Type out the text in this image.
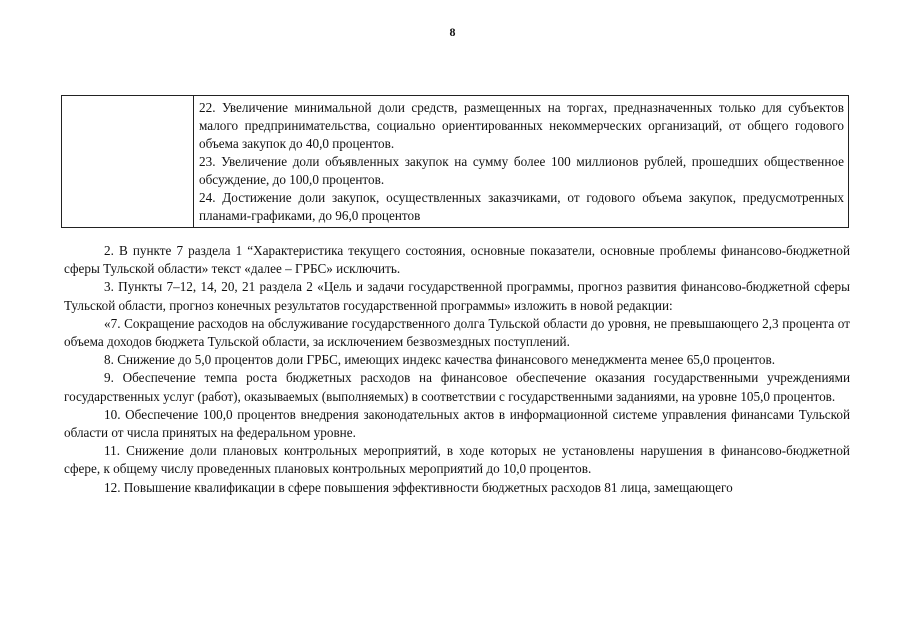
8

22. Увеличение минимальной доли средств, размещенных на торгах, предназначенных только для субъектов малого предпринимательства, социально ориентированных некоммерческих организаций, от общего годового объема закупок до 40,0 процентов.

23. Увеличение доли объявленных закупок на сумму более 100 миллионов рублей, прошедших общественное обсуждение, до 100,0 процентов.

24. Достижение доли закупок, осуществленных заказчиками, от годового объема закупок, предусмотренных планами-графиками, до 96,0 процентов

2. В пункте 7 раздела 1 “Характеристика текущего состояния, основные показатели, основные проблемы финансово-бюджетной сферы Тульской области» текст «далее – ГРБС» исключить.

3. Пункты 7–12, 14, 20, 21 раздела 2 «Цель и задачи государственной программы, прогноз развития финансово-бюджетной сферы Тульской области, прогноз конечных результатов государственной программы» изложить в новой редакции:

«7. Сокращение расходов на обслуживание государственного долга Тульской области до уровня, не превышающего 2,3 процента от объема доходов бюджета Тульской области, за исключением безвозмездных поступлений.

8. Снижение до 5,0 процентов доли ГРБС, имеющих индекс качества финансового менеджмента менее 65,0 процентов.

9. Обеспечение темпа роста бюджетных расходов на финансовое обеспечение оказания государственными учреждениями государственных услуг (работ), оказываемых (выполняемых) в соответствии с государственными заданиями, на уровне 105,0 процентов.

10. Обеспечение 100,0 процентов внедрения законодательных актов в информационной системе управления финансами Тульской области от числа принятых на федеральном уровне.

11. Снижение доли плановых контрольных мероприятий, в ходе которых не установлены нарушения в финансово-бюджетной сфере, к общему числу проведенных плановых контрольных мероприятий до 10,0 процентов.

12. Повышение квалификации в сфере повышения эффективности бюджетных расходов 81 лица, замещающего
